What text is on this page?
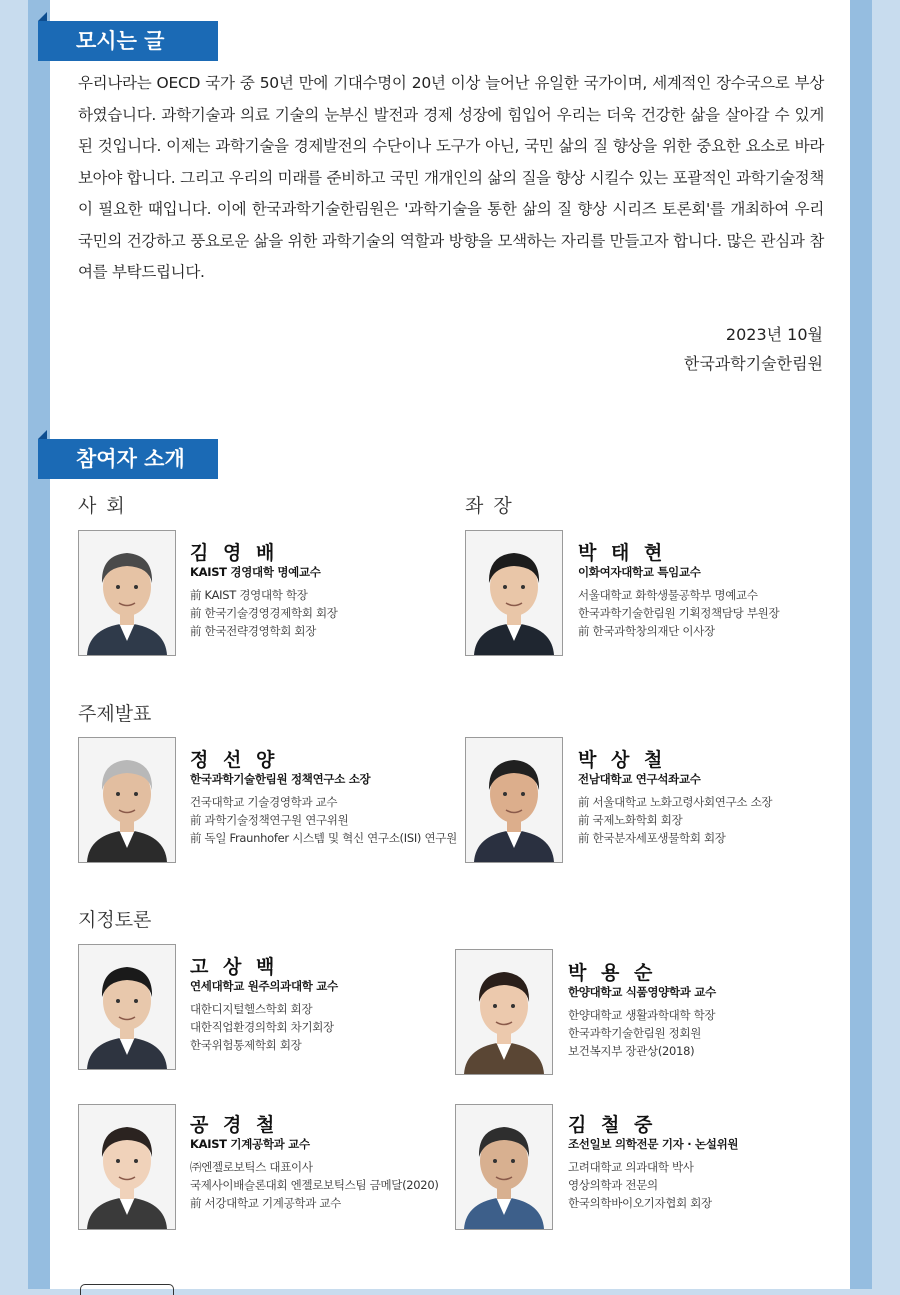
모시는 글
우리나라는 OECD 국가 중 50년 만에 기대수명이 20년 이상 늘어난 유일한 국가이며, 세계적인 장수국으로 부상하였습니다. 과학기술과 의료 기술의 눈부신 발전과 경제 성장에 힘입어 우리는 더욱 건강한 삶을 살아갈 수 있게 된 것입니다. 이제는 과학기술을 경제발전의 수단이나 도구가 아닌, 국민 삶의 질 향상을 위한 중요한 요소로 바라보아야 합니다. 그리고 우리의 미래를 준비하고 국민 개개인의 삶의 질을 향상 시킬수 있는 포괄적인 과학기술정책이 필요한 때입니다. 이에 한국과학기술한림원은 '과학기술을 통한 삶의 질 향상 시리즈 토론회'를 개최하여 우리 국민의 건강하고 풍요로운 삶을 위한 과학기술의 역할과 방향을 모색하는 자리를 만들고자 합니다. 많은 관심과 참여를 부탁드립니다.
2023년 10월
한국과학기술한림원
참여자 소개
사 회	좌 장
주제발표
지정토론
김 영 배
KAIST 경영대학 명예교수
前 KAIST 경영대학 학장
前 한국기술경영경제학회 회장
前 한국전략경영학회 회장
박 태 현
이화여자대학교 특임교수
서울대학교 화학생물공학부 명예교수
한국과학기술한림원 기획정책담당 부원장
前 한국과학창의재단 이사장
정 선 양
한국과학기술한림원 정책연구소 소장
건국대학교 기술경영학과 교수
前 과학기술정책연구원 연구위원
前 독일 Fraunhofer 시스템 및 혁신 연구소(ISI) 연구원
박 상 철
전남대학교 연구석좌교수
前 서울대학교 노화고령사회연구소 소장
前 국제노화학회 회장
前 한국분자세포생물학회 회장
고 상 백
연세대학교 원주의과대학 교수
대한디지털헬스학회 회장
대한직업환경의학회 차기회장
한국위험통제학회 회장
박 용 순
한양대학교 식품영양학과 교수
한양대학교 생활과학대학 학장
한국과학기술한림원 정회원
보건복지부 장관상(2018)
공 경 철
KAIST 기계공학과 교수
㈜엔젤로보틱스 대표이사
국제사이배슬론대회 엔젤로보틱스팀 금메달(2020)
前 서강대학교 기계공학과 교수
김 철 중
조선일보 의학전문 기자 · 논설위원
고려대학교 의과대학 박사
영상의학과 전문의
한국의학바이오기자협회 회장
